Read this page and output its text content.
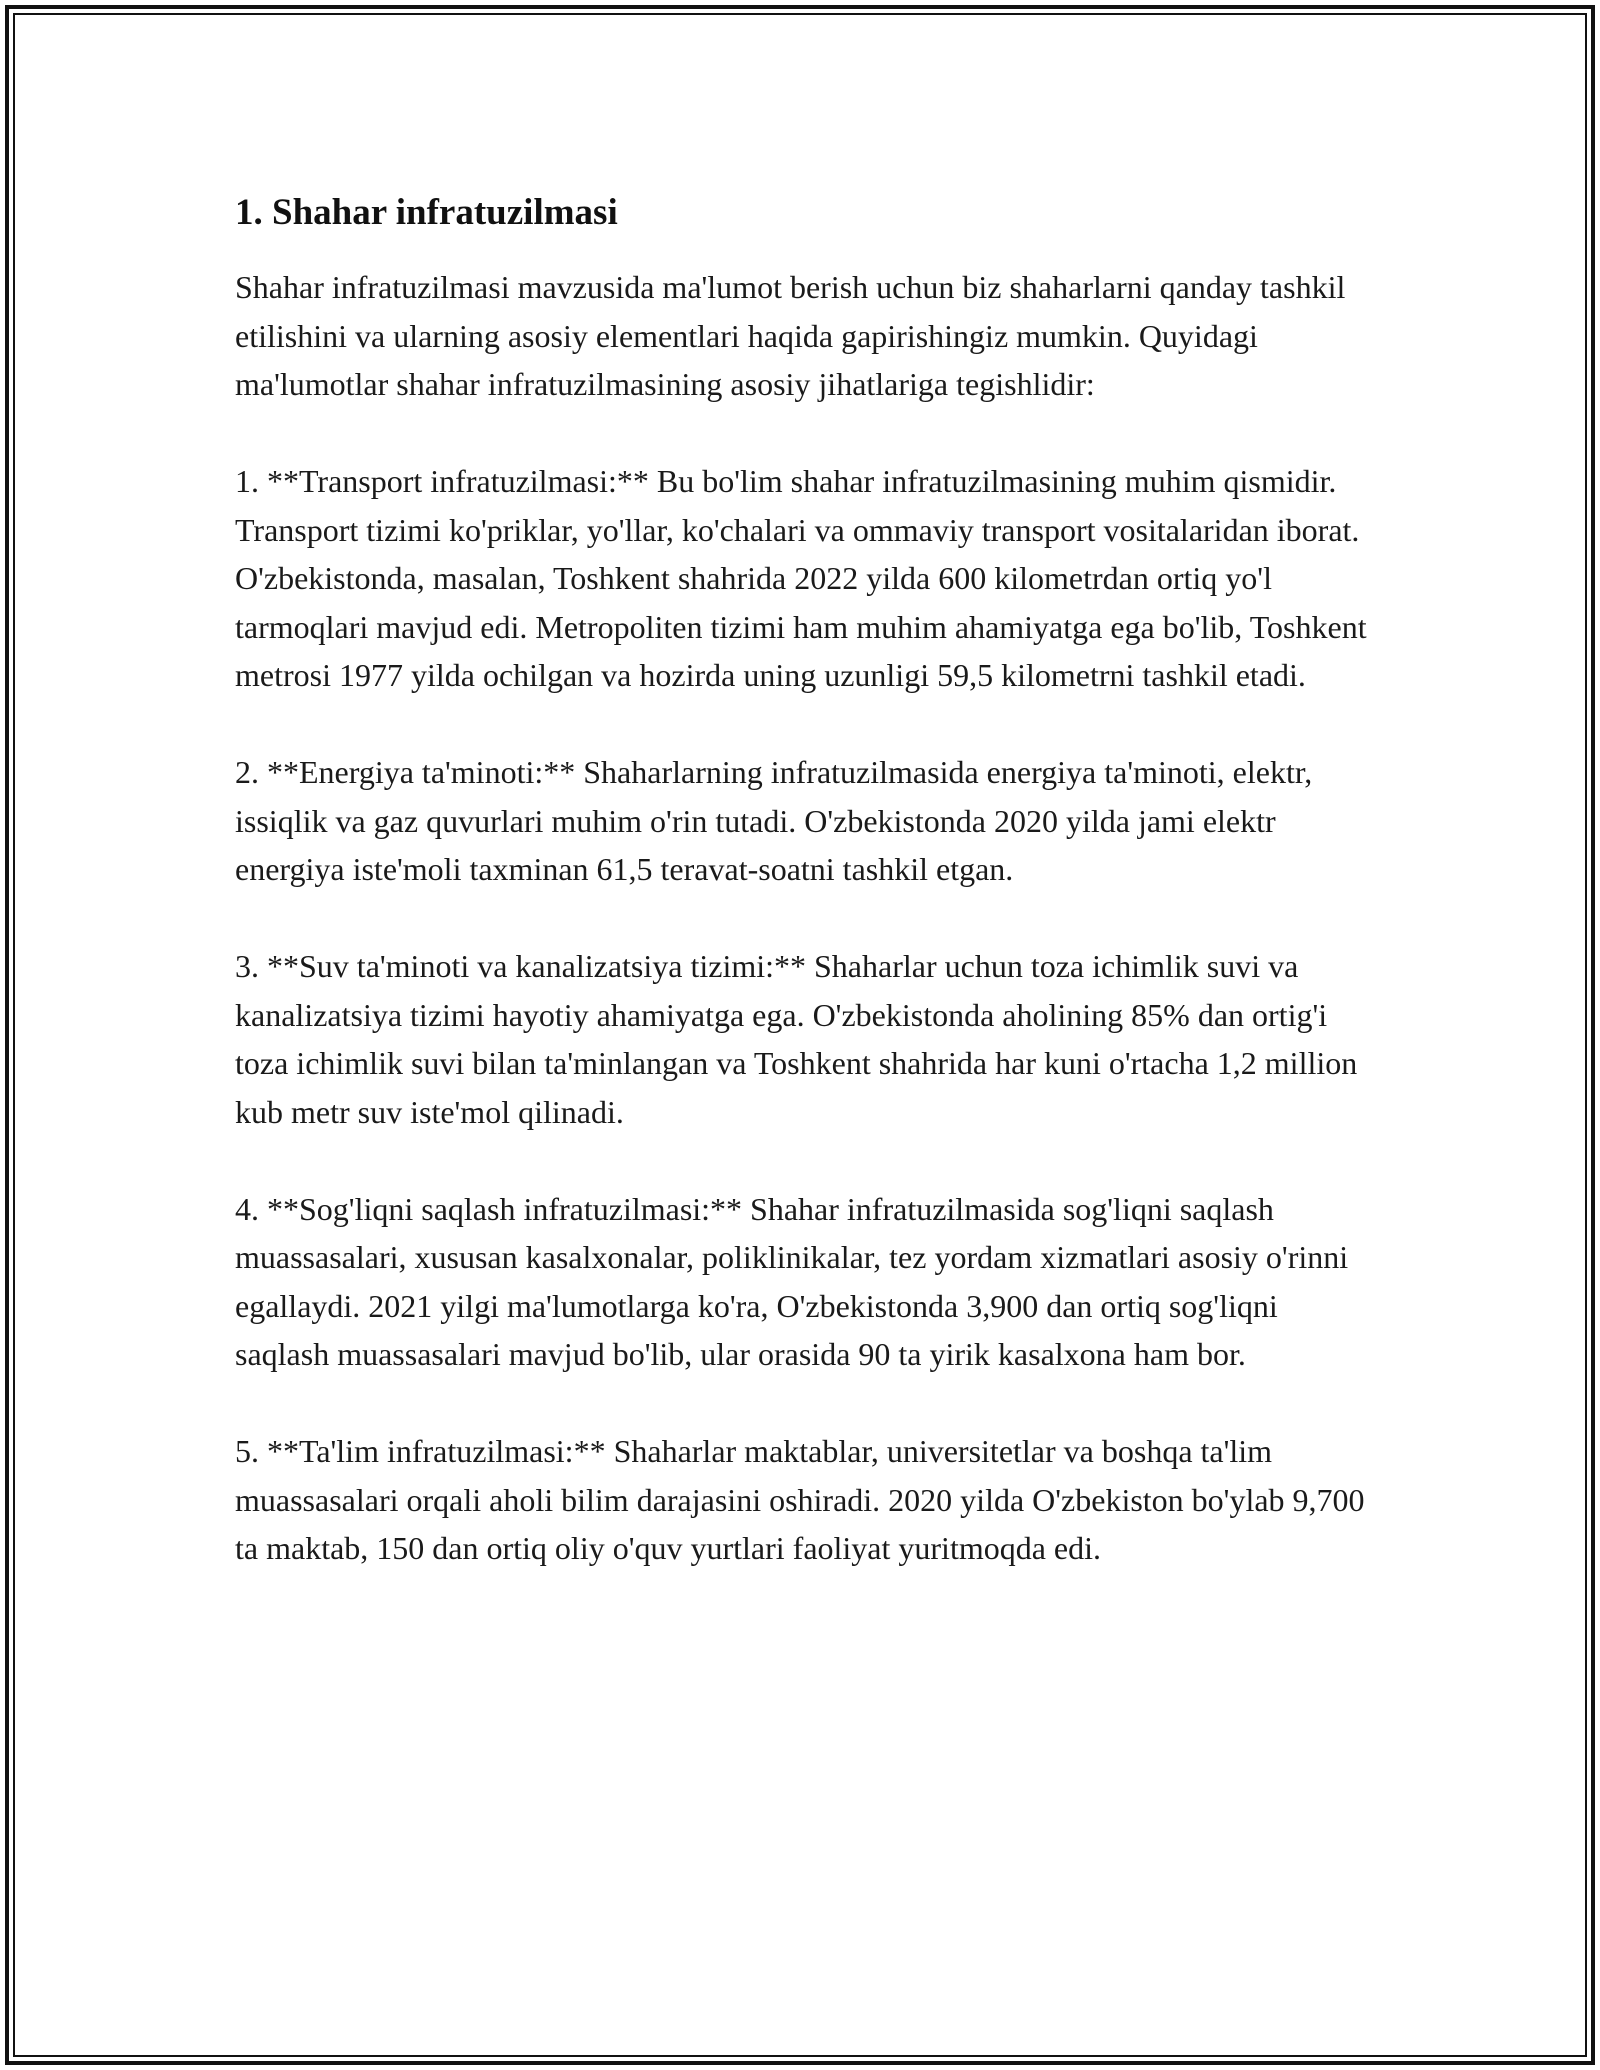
1. Shahar infratuzilmasi

Shahar infratuzilmasi mavzusida ma'lumot berish uchun biz shaharlarni qanday tashkil etilishini va ularning asosiy elementlari haqida gapirishingiz mumkin. Quyidagi ma'lumotlar shahar infratuzilmasining asosiy jihatlariga tegishlidir:

1. **Transport infratuzilmasi:** Bu bo'lim shahar infratuzilmasining muhim qismidir. Transport tizimi ko'priklar, yo'llar, ko'chalari va ommaviy transport vositalaridan iborat. O'zbekistonda, masalan, Toshkent shahrida 2022 yilda 600 kilometrdan ortiq yo'l tarmoqlari mavjud edi. Metropoliten tizimi ham muhim ahamiyatga ega bo'lib, Toshkent metrosi 1977 yilda ochilgan va hozirda uning uzunligi 59,5 kilometrni tashkil etadi.

2. **Energiya ta'minoti:** Shaharlarning infratuzilmasida energiya ta'minoti, elektr, issiqlik va gaz quvurlari muhim o'rin tutadi. O'zbekistonda 2020 yilda jami elektr energiya iste'moli taxminan 61,5 teravat-soatni tashkil etgan.

3. **Suv ta'minoti va kanalizatsiya tizimi:** Shaharlar uchun toza ichimlik suvi va kanalizatsiya tizimi hayotiy ahamiyatga ega. O'zbekistonda aholining 85% dan ortig'i toza ichimlik suvi bilan ta'minlangan va Toshkent shahrida har kuni o'rtacha 1,2 million kub metr suv iste'mol qilinadi.

4. **Sog'liqni saqlash infratuzilmasi:** Shahar infratuzilmasida sog'liqni saqlash muassasalari, xususan kasalxonalar, poliklinikalar, tez yordam xizmatlari asosiy o'rinni egallaydi. 2021 yilgi ma'lumotlarga ko'ra, O'zbekistonda 3,900 dan ortiq sog'liqni saqlash muassasalari mavjud bo'lib, ular orasida 90 ta yirik kasalxona ham bor.

5. **Ta'lim infratuzilmasi:** Shaharlar maktablar, universitetlar va boshqa ta'lim muassasalari orqali aholi bilim darajasini oshiradi. 2020 yilda O'zbekiston bo'ylab 9,700 ta maktab, 150 dan ortiq oliy o'quv yurtlari faoliyat yuritmoqda edi.
